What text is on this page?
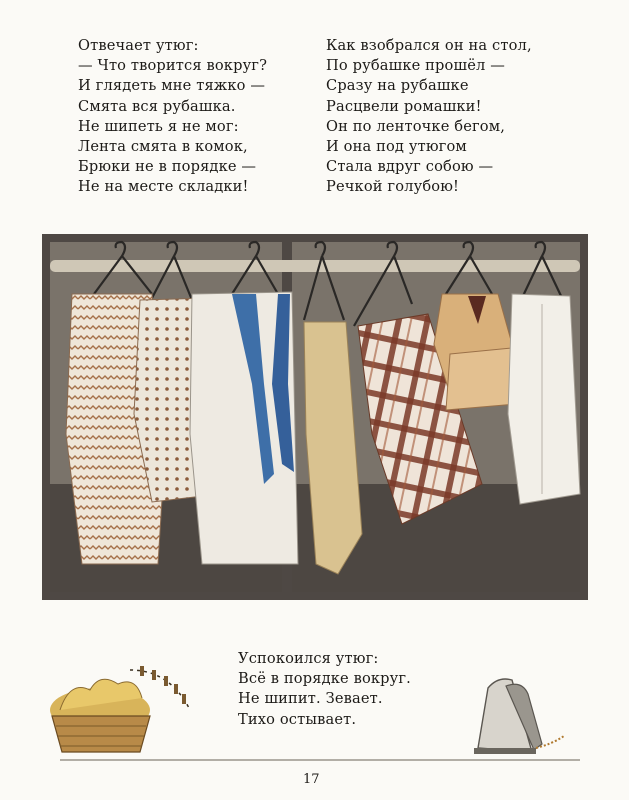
Отвечает утюг:
— Что творится вокруг?
И глядеть мне тяжко —
Смята вся рубашка.
Не шипеть я не мог:
Лента смята в комок,
Брюки не в порядке —
Не на месте складки!
Как взобрался он на стол,
По рубашке прошёл —
Сразу на рубашке
Расцвели ромашки!
Он по ленточке бегом,
И она под утюгом
Стала вдруг собою —
Речкой голубою!
Успокоился утюг:
Всё в порядке вокруг.
Не шипит. Зевает.
Тихо остывает.
17
